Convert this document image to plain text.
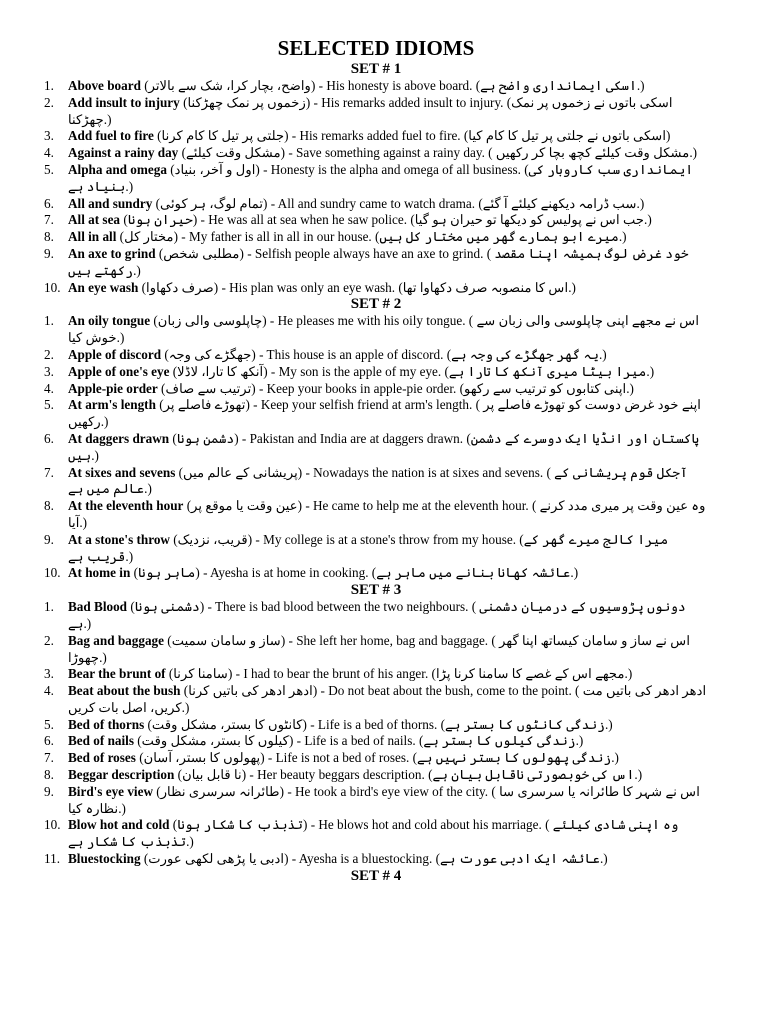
SELECTED IDIOMS
SET # 1
1.	Above board (واضح، بچار کرا، شک سے بالاتر) - His honesty is above board. (اسکی ایمانداری واضح ہے.)
2.	Add insult to injury (زخموں پر نمک چھڑکنا) - His remarks added insult to injury. (اسکی باتوں نے زخموں پر نمک چھڑکنا.)
3.	Add fuel to fire (جلتی پر تیل کا کام کرنا) - His remarks added fuel to fire. (اسکی باتوں نے جلتی پر تیل کا کام کیا)
4.	Against a rainy day (مشکل وقت کیلئے) - Save something against a rainy day. ( مشکل وقت کیلئے کچھ بچا کر رکھیں.)
5.	Alpha and omega (اول و آخر، بنیاد) - Honesty is the alpha and omega of all business. (ایمانداری سب کاروبار کی بنیاد ہے.)
6.	All and sundry (تمام لوگ، ہر کوئی) - All and sundry came to watch drama. (سب ڈرامہ دیکھنے کیلئے آ گئے.)
7.	All at sea (حیران ہونا) - He was all at sea when he saw police. (جب اس نے پولیس کو دیکھا تو حیران ہو گیا.)
8.	All in all (مختار کل) - My father is all in all in our house. (میرے ابو ہمارے گھر میں مختار کل ہیں.)
9.	An axe to grind (مطلبی شخص) - Selfish people always have an axe to grind. ( خود غرض لوگ ہمیشہ اپنا مقصد رکھتے ہیں.)
10. An eye wash (صرف دکھاوا) - His plan was only an eye wash. (اس کا منصوبہ صرف دکھاوا تھا.)
SET # 2
1.	An oily tongue (چاپلوسی والی زبان) - He pleases me with his oily tongue. ( اس نے مجھے اپنی چاپلوسی والی زبان سے خوش کیا.)
2.	Apple of discord (جھگڑے کی وجہ) - This house is an apple of discord. (یہ گھر جھگڑے کی وجہ ہے.)
3.	Apple of one's eye (آنکھ کا تارا، لاڈلا) - My son is the apple of my eye. (میرا بیٹا میری آنکھ کا تارا ہے.)
4.	Apple-pie order (ترتیب سے صاف) - Keep your books in apple-pie order. (اپنی کتابوں کو ترتیب سے رکھو.)
5.	At arm's length (تھوڑے فاصلے پر) - Keep your selfish friend at arm's length. ( اپنے خود غرض دوست کو تھوڑے فاصلے پر رکھیں.)
6.	At daggers drawn (دشمن ہونا) - Pakistan and India are at daggers drawn. (پاکستان اور انڈیا ایک دوسرے کے دشمن ہیں.)
7.	At sixes and sevens (پریشانی کے عالم میں) - Nowadays the nation is at sixes and sevens. ( آجکل قوم پریشانی کے عالم میں ہے.)
8.	At the eleventh hour (عین وقت یا موقع پر) - He came to help me at the eleventh hour. ( وہ عین وقت پر میری مدد کرنے آیا.)
9.	At a stone's throw (قریب، نزدیک) - My college is at a stone's throw from my house. (میرا کالج میرے گھر کے قریب ہے.)
10. At home in (ماہر ہونا) - Ayesha is at home in cooking. (عائشہ کھانا بنانے میں ماہر ہے.)
SET # 3
1.	Bad Blood (دشمنی ہونا) - There is bad blood between the two neighbours. ( دونوں پڑوسیوں کے درمیان دشمنی ہے.)
2.	Bag and baggage (ساز و سامان سمیت) - She left her home, bag and baggage. ( اس نے ساز و سامان کیساتھ اپنا گھر چھوڑا.)
3.	Bear the brunt of (سامنا کرنا) - I had to bear the brunt of his anger. (مجھے اس کے غصے کا سامنا کرنا پڑا.)
4.	Beat about the bush (ادھر ادھر کی باتیں کرنا) - Do not beat about the bush, come to the point. ( ادھر ادھر کی باتیں مت کریں، اصل بات کریں.)
5.	Bed of thorns (کانٹوں کا بستر، مشکل وقت) - Life is a bed of thorns. (زندگی کانٹوں کا بستر ہے.)
6.	Bed of nails (کیلوں کا بستر، مشکل وقت) - Life is a bed of nails. (زندگی کیلوں کا بستر ہے.)
7.	Bed of roses (پھولوں کا بستر، آسان) - Life is not a bed of roses. (زندگی پھولوں کا بستر نہیں ہے.)
8.	Beggar description (نا قابل بیان) - Her beauty beggars description. (اس کی خوبصورتی ناقابل بیان ہے.)
9.	Bird's eye view (طائرانہ سرسری نظار) - He took a bird's eye view of the city. ( اس نے شہر کا طائرانہ یا سرسری سا نظارہ کیا.)
10. Blow hot and cold (تذبذب کا شکار ہونا) - He blows hot and cold about his marriage. ( وہ اپنی شادی کیلئے تذبذب کا شکار ہے.)
11. Bluestocking (ادبی یا پڑھی لکھی عورت) - Ayesha is a bluestocking. (عائشہ ایک ادبی عورت ہے.)
SET # 4
